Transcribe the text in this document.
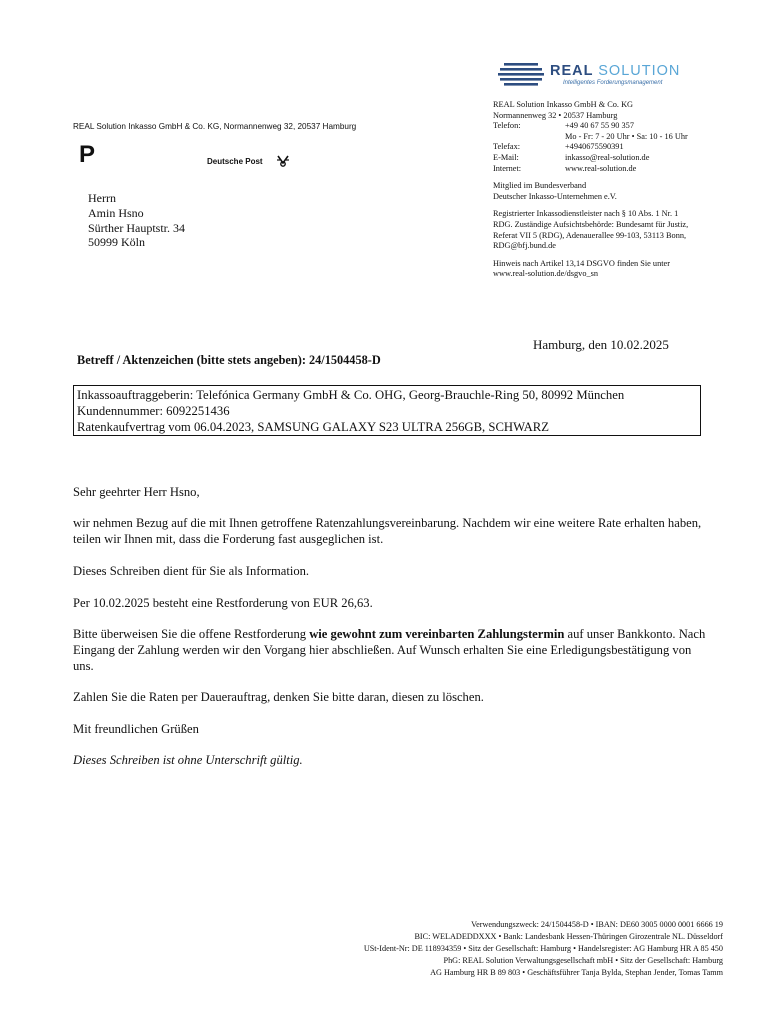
REAL SOLUTION
Intelligentes Forderungsmanagement
REAL Solution Inkasso GmbH & Co. KG
Normannenweg 32 • 20537 Hamburg
Telefon:	+49 40 67 55 90 357
Mo - Fr: 7 - 20 Uhr • Sa: 10 - 16 Uhr
Telefax:	+4940675590391
E-Mail:	inkasso@real-solution.de
Internet:	www.real-solution.de
Mitglied im Bundesverband
Deutscher Inkasso-Unternehmen e.V.
Registrierter Inkassodienstleister nach § 10 Abs. 1 Nr. 1
RDG. Zuständige Aufsichtsbehörde: Bundesamt für Justiz,
Referat VII 5 (RDG), Adenauerallee 99-103, 53113 Bonn,
RDG@bfj.bund.de
Hinweis nach Artikel 13,14 DSGVO finden Sie unter
www.real-solution.de/dsgvo_sn
REAL Solution Inkasso GmbH & Co. KG, Normannenweg 32, 20537 Hamburg
P	Deutsche Post
Herrn
Amin Hsno
Sürther Hauptstr. 34
50999 Köln
Hamburg, den 10.02.2025
Betreff / Aktenzeichen (bitte stets angeben): 24/1504458-D
Inkassoauftraggeberin: Telefónica Germany GmbH & Co. OHG, Georg-Brauchle-Ring 50, 80992 München
Kundennummer: 6092251436
Ratenkaufvertrag vom 06.04.2023, SAMSUNG GALAXY S23 ULTRA 256GB, SCHWARZ
Sehr geehrter Herr Hsno,
wir nehmen Bezug auf die mit Ihnen getroffene Ratenzahlungsvereinbarung. Nachdem wir eine weitere Rate erhalten haben, teilen wir Ihnen mit, dass die Forderung fast ausgeglichen ist.
Dieses Schreiben dient für Sie als Information.
Per 10.02.2025 besteht eine Restforderung von EUR 26,63.
Bitte überweisen Sie die offene Restforderung wie gewohnt zum vereinbarten Zahlungstermin auf unser Bankkonto. Nach Eingang der Zahlung werden wir den Vorgang hier abschließen. Auf Wunsch erhalten Sie eine Erledigungsbestätigung von uns.
Zahlen Sie die Raten per Dauerauftrag, denken Sie bitte daran, diesen zu löschen.
Mit freundlichen Grüßen
Dieses Schreiben ist ohne Unterschrift gültig.
Verwendungszweck: 24/1504458-D • IBAN: DE60 3005 0000 0001 6666 19
BIC: WELADEDDXXX • Bank: Landesbank Hessen-Thüringen Girozentrale NL. Düsseldorf
USt-Ident-Nr: DE 118934359 • Sitz der Gesellschaft: Hamburg • Handelsregister: AG Hamburg HR A 85 450
PhG: REAL Solution Verwaltungsgesellschaft mbH • Sitz der Gesellschaft: Hamburg
AG Hamburg HR B 89 803 • Geschäftsführer Tanja Bylda, Stephan Jender, Tomas Tamm
